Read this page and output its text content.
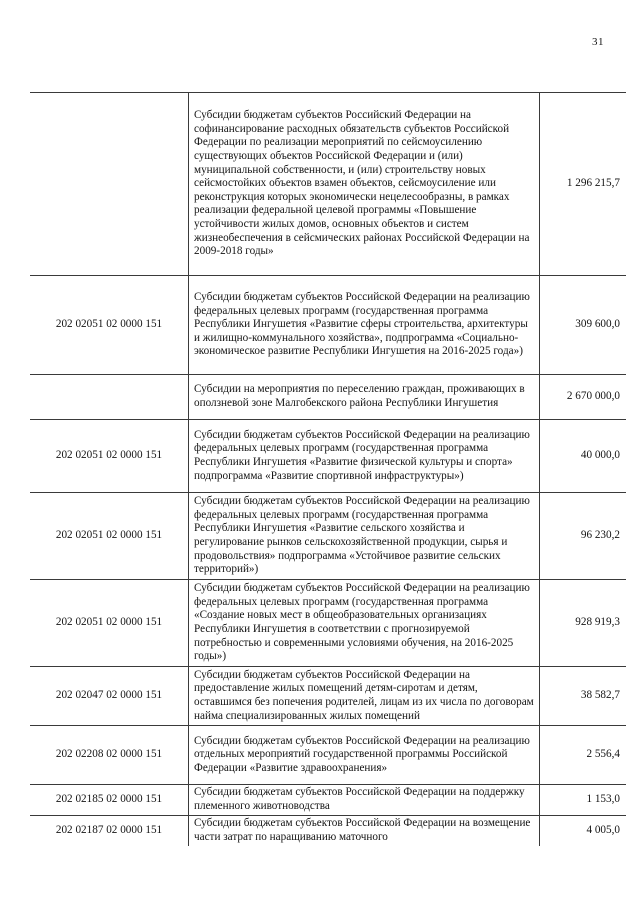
31
	Субсидии бюджетам субъектов Российский Федерации на софинансирование расходных обязательств субъектов Российской Федерации по реализации мероприятий по сейсмоусилению существующих объектов Российской Федерации и (или) муниципальной собственности, и (или) строительству новых сейсмостойких объектов взамен объектов, сейсмоусиление или реконструкция которых экономически нецелесообразны, в рамках реализации федеральной целевой программы «Повышение устойчивости жилых домов, основных объектов и систем жизнеобеспечения в сейсмических районах Российской Федерации на 2009-2018 годы»	1 296 215,7
202 02051 02 0000 151	Субсидии бюджетам субъектов Российской Федерации на реализацию федеральных целевых программ (государственная программа Республики Ингушетия «Развитие сферы строительства, архитектуры и жилищно-коммунального хозяйства», подпрограмма «Социально-экономическое развитие Республики Ингушетия на 2016-2025 года»)	309 600,0
	Субсидии на мероприятия по переселению граждан, проживающих в оползневой зоне Малгобекского района Республики Ингушетия	2 670 000,0
202 02051 02 0000 151	Субсидии бюджетам субъектов Российской Федерации на реализацию федеральных целевых программ (государственная программа Республики Ингушетия «Развитие физической культуры и спорта» подпрограмма «Развитие спортивной инфраструктуры»)	40 000,0
202 02051 02 0000 151	Субсидии бюджетам субъектов Российской Федерации на реализацию федеральных целевых программ (государственная программа Республики Ингушетия «Развитие сельского хозяйства и регулирование рынков сельскохозяйственной продукции, сырья и продовольствия» подпрограмма «Устойчивое развитие сельских территорий»)	96 230,2
202 02051 02 0000 151	Субсидии бюджетам субъектов Российской Федерации на реализацию федеральных целевых программ (государственная программа «Создание новых мест в общеобразовательных организациях Республики Ингушетия в соответствии с прогнозируемой потребностью и современными условиями обучения, на 2016-2025 годы»)	928 919,3
202 02047 02 0000 151	Субсидии бюджетам субъектов Российской Федерации на предоставление жилых помещений детям-сиротам и детям, оставшимся без попечения родителей, лицам из их числа по договорам найма специализированных жилых помещений	38 582,7
202 02208 02 0000 151	Субсидии бюджетам субъектов Российской Федерации на реализацию отдельных мероприятий государственной программы Российской Федерации «Развитие здравоохранения»	2 556,4
202 02185 02 0000 151	Субсидии бюджетам субъектов Российской Федерации на поддержку племенного животноводства	1 153,0
202 02187 02 0000 151	Субсидии бюджетам субъектов Российской Федерации на возмещение части затрат по наращиванию маточного	4 005,0
